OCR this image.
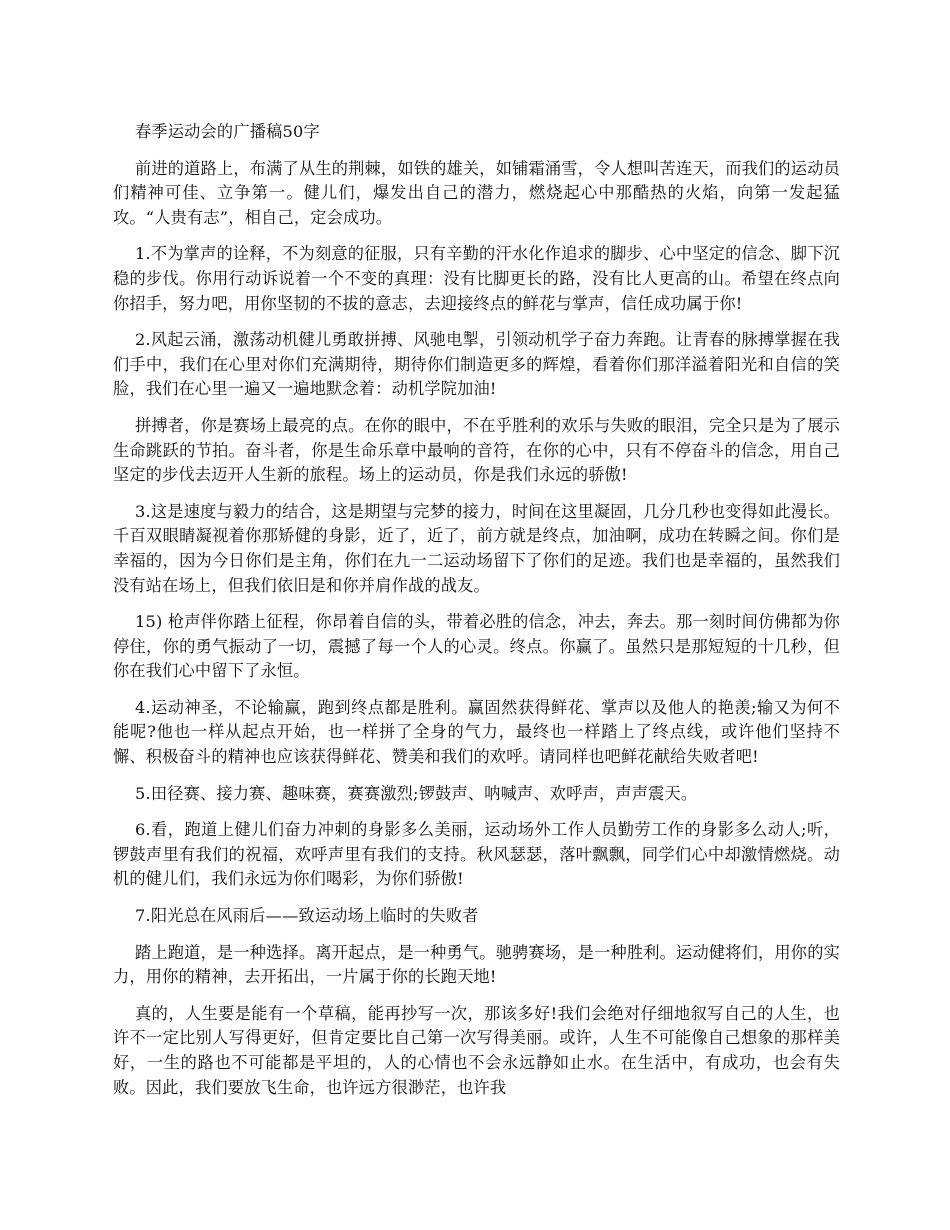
春季运动会的广播稿50字

前进的道路上，布满了从生的荆棘，如铁的雄关，如铺霜涌雪，令人想叫苦连天，而我们的运动员们精神可佳、立争第一。健儿们，爆发出自己的潜力，燃烧起心中那酷热的火焰，向第一发起猛攻。“人贵有志”，相自己，定会成功。

1.不为掌声的诠释，不为刻意的征服，只有辛勤的汗水化作追求的脚步、心中坚定的信念、脚下沉稳的步伐。你用行动诉说着一个不变的真理：没有比脚更长的路，没有比人更高的山。希望在终点向你招手，努力吧，用你坚韧的不拔的意志，去迎接终点的鲜花与掌声，信任成功属于你!

2.风起云涌，激荡动机健儿勇敢拼搏、风驰电掣，引领动机学子奋力奔跑。让青春的脉搏掌握在我们手中，我们在心里对你们充满期待，期待你们制造更多的辉煌，看着你们那洋溢着阳光和自信的笑脸，我们在心里一遍又一遍地默念着：动机学院加油!

拼搏者，你是赛场上最亮的点。在你的眼中，不在乎胜利的欢乐与失败的眼泪，完全只是为了展示生命跳跃的节拍。奋斗者，你是生命乐章中最响的音符，在你的心中，只有不停奋斗的信念，用自己坚定的步伐去迈开人生新的旅程。场上的运动员，你是我们永远的骄傲!

3.这是速度与毅力的结合，这是期望与完梦的接力，时间在这里凝固，几分几秒也变得如此漫长。千百双眼睛凝视着你那矫健的身影，近了，近了，前方就是终点，加油啊，成功在转瞬之间。你们是幸福的，因为今日你们是主角，你们在九一二运动场留下了你们的足迹。我们也是幸福的，虽然我们没有站在场上，但我们依旧是和你并肩作战的战友。

15) 枪声伴你踏上征程，你昂着自信的头，带着必胜的信念，冲去，奔去。那一刻时间仿佛都为你停住，你的勇气振动了一切，震撼了每一个人的心灵。终点。你赢了。虽然只是那短短的十几秒，但你在我们心中留下了永恒。

4.运动神圣，不论输赢，跑到终点都是胜利。赢固然获得鲜花、掌声以及他人的艳羡;输又为何不能呢?他也一样从起点开始，也一样拼了全身的气力，最终也一样踏上了终点线，或许他们坚持不懈、积极奋斗的精神也应该获得鲜花、赞美和我们的欢呼。请同样也吧鲜花献给失败者吧!

5.田径赛、接力赛、趣味赛，赛赛激烈;锣鼓声、呐喊声、欢呼声，声声震天。

6.看，跑道上健儿们奋力冲刺的身影多么美丽，运动场外工作人员勤劳工作的身影多么动人;听，锣鼓声里有我们的祝福，欢呼声里有我们的支持。秋风瑟瑟，落叶飘飘，同学们心中却激情燃烧。动机的健儿们，我们永远为你们喝彩，为你们骄傲!

7.阳光总在风雨后——致运动场上临时的失败者

踏上跑道，是一种选择。离开起点，是一种勇气。驰骋赛场，是一种胜利。运动健将们，用你的实力，用你的精神，去开拓出，一片属于你的长跑天地!

真的，人生要是能有一个草稿，能再抄写一次，那该多好!我们会绝对仔细地叙写自己的人生，也许不一定比别人写得更好，但肯定要比自己第一次写得美丽。或许，人生不可能像自己想象的那样美好，一生的路也不可能都是平坦的，人的心情也不会永远静如止水。在生活中，有成功，也会有失败。因此，我们要放飞生命，也许远方很渺茫，也许我
